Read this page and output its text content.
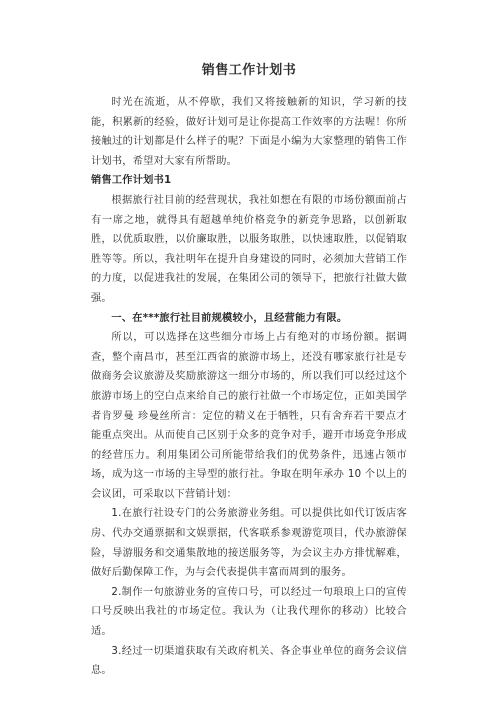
销售工作计划书

时光在流逝，从不停歇，我们又将接触新的知识，学习新的技能，积累新的经验，做好计划可是让你提高工作效率的方法喔！你所接触过的计划都是什么样子的呢？下面是小编为大家整理的销售工作计划书，希望对大家有所帮助。

销售工作计划书1

根据旅行社目前的经营现状，我社如想在有限的市场份额面前占有一席之地，就得具有超越单纯价格竞争的新竞争思路，以创新取胜，以优质取胜，以价廉取胜，以服务取胜，以快速取胜，以促销取胜等等。所以，我社明年在提升自身建设的同时，必须加大营销工作的力度，以促进我社的发展，在集团公司的领导下，把旅行社做大做强。

一、在***旅行社目前规模较小，且经营能力有限。

所以，可以选择在这些细分市场上占有绝对的市场份额。据调查，整个南昌市，甚至江西省的旅游市场上，还没有哪家旅行社是专做商务会议旅游及奖励旅游这一细分市场的，所以我们可以经过这个旅游市场上的空白点来给自己的旅行社做一个市场定位，正如美国学者肯罗曼 珍曼丝所言：定位的精义在于牺牲，只有舍弃若干要点才能重点突出。从而使自己区别于众多的竞争对手，避开市场竞争形成的经营压力。利用集团公司所能带给我们的优势条件，迅速占领市场，成为这一市场的主导型的旅行社。争取在明年承办 10 个以上的会议团，可采取以下营销计划：

1.在旅行社设专门的公务旅游业务组。可以提供比如代订饭店客房、代办交通票据和文娱票据，代客联系参观游览项目，代办旅游保险，导游服务和交通集散地的接送服务等，为会议主办方排忧解难，做好后勤保障工作，为与会代表提供丰富而周到的服务。

2.制作一句旅游业务的宣传口号，可以经过一句琅琅上口的宣传口号反映出我社的市场定位。我认为（让我代理你的移动）比较合适。

3.经过一切渠道获取有关政府机关、各企事业单位的商务会议信息。
